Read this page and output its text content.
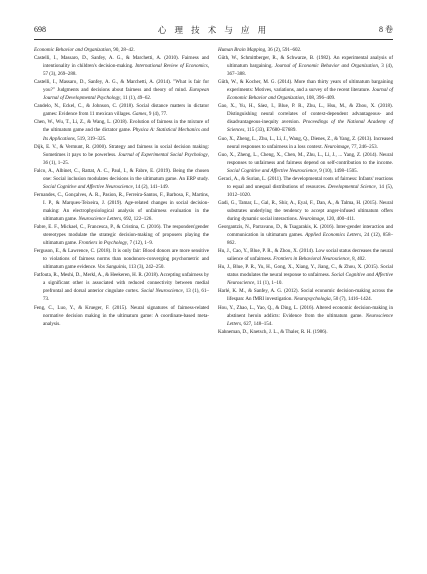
698	心 理 技 术 与 应 用	8 卷

Economic Behavior and Organization, 90, 28–42.

Castelli, I., Massaro, D., Sanfey, A. G., & Marchetti, A. (2010). Fairness and intentionality in children's decision-making. International Review of Economics, 57 (3), 269–288.

Castelli, I., Massaro, D., Sanfey, A. G., & Marchetti, A. (2014). "What is fair for you?" Judgments and decisions about fairness and theory of mind. European Journal of Developmental Psychology, 11 (1), 49–62.

Candelo, N., Eckel, C., & Johnson, C. (2018). Social distance matters in dictator games: Evidence from 11 mexican villages. Games, 9 (4), 77.

Chen, W., Wu, T., Li, Z., & Wang, L. (2018). Evolution of fairness in the mixture of the ultimatum game and the dictator game. Physica A: Statistical Mechanics and Its Applications, 519, 319–325.

Dijk, E. V., & Vermunt, R. (2000). Strategy and fairness in social decision making: Sometimes it pays to be powerless. Journal of Experimental Social Psychology, 36 (1), 1–25.

Falco, A., Albinet, C., Rattat, A. C., Paul, I., & Fabre, E. (2019). Being the chosen one: Social inclusion modulates decisions in the ultimatum game. An ERP study. Social Cognitive and Affective Neuroscience, 14 (2), 141–149.

Fernandes, C., Gonçalves, A. R., Pasion, R., Ferreira-Santos, F., Barbosa, F., Martins, I. P., & Marques-Teixeira, J. (2019). Age-related changes in social decision-making: An electrophysiological analysis of unfairness evaluation in the ultimatum game. Neuroscience Letters, 692, 122–126.

Fabre, E. F., Mickael, C., Francesca, P., & Cristina, C. (2016). The responders'gender stereotypes modulate the strategic decision-making of proposers playing the ultimatum game. Frontiers in Psychology, 7 (12), 1–9.

Ferguson, E., & Lawrence, C. (2018). It is only fair: Blood donors are more sensitive to violations of fairness norms than nondonors-converging psychometric and ultimatum game evidence. Vox Sanguinis, 113 (3), 242–250.

Fatfouta, R., Meshi, D., Merkl, A., & Heekeren, H. R. (2018). Accepting unfairness by a significant other is associated with reduced connectivity between medial prefrontal and dorsal anterior cingulate cortex. Social Neuroscience, 13 (1), 61–73.

Feng, C., Luo, Y., & Krueger, F. (2015). Neural signatures of fairness-related normative decision making in the ultimatum game: A coordinate-based meta-analysis.

Human Brain Mapping, 36 (2), 591–602.

Güth, W., Schmittberger, R., & Schwarze, B. (1982). An experimental analysis of ultimatum bargaining. Journal of Economic Behavior and Organization, 3 (4), 367–388.

Güth, W., & Kocher, M. G. (2014). More than thirty years of ultimatum bargaining experiments: Motives, variations, and a survey of the recent literature. Journal of Economic Behavior and Organization, 108, 396–409.

Gao, X., Yu, H., Sáez, I., Blue, P. R., Zhu, L., Hsu, M., & Zhou, X. (2018). Distinguishing neural correlates of context-dependent advantageous- and disadvantageous-inequity aversion. Proceedings of the National Academy of Sciences, 115 (33), E7680–E7689.

Guo, X., Zheng, L., Zhu, L., Li, J., Wang, Q., Dienes, Z., & Yang, Z. (2013). Increased neural responses to unfairness in a loss context. Neuroimage, 77, 246–253.

Guo, X., Zheng, L., Cheng, X., Chen, M., Zhu, L., Li, J., ... Yang, Z. (2014). Neural responses to unfairness and fairness depend on self-contribution to the income. Social Cognitive and Affective Neuroscience, 9 (10), 1498–1505.

Geraci, A., & Surian, L. (2011). The developmental roots of fairness: Infants' reactions to equal and unequal distributions of resources. Developmental Science, 14 (5), 1012–1020.

Gadi, G., Tamar, L., Gal, R., Shir, A., Eyal, F., Dan, A., & Talma, H. (2015). Neural substrates underlying the tendency to accept anger-infused ultimatum offers during dynamic social interactions. Neuroimage, 120, 400–411.

Georgantzis, N., Parravano, D., & Tsagarakis, K. (2016). Inter-gender interaction and communication in ultimatum games. Applied Economics Letters, 24 (12), 858–862.

Hu, J., Cao, Y., Blue, P. R., & Zhou, X. (2014). Low social status decreases the neural salience of unfairness. Frontiers in Behavioral Neuroscience, 8, 402.

Hu, J., Blue, P. R., Yu, H., Gong, X., Xiang, Y., Jiang, C., & Zhou, X. (2015). Social status modulates the neural response to unfairness. Social Cognitive and Affective Neuroscience, 11 (1), 1–10.

Harlé, K. M., & Sanfey, A. G. (2012). Social economic decision-making across the lifespan: An fMRI investigation. Neuropsychologia, 50 (7), 1416–1424.

Hou, Y., Zhao, L., Yao, Q., & Ding, L. (2016). Altered economic decision-making in abstinent heroin addicts: Evidence from the ultimatum game. Neuroscience Letters, 627, 148–154.

Kahneman, D., Knetsch, J. L., & Thaler, R. H. (1986).
